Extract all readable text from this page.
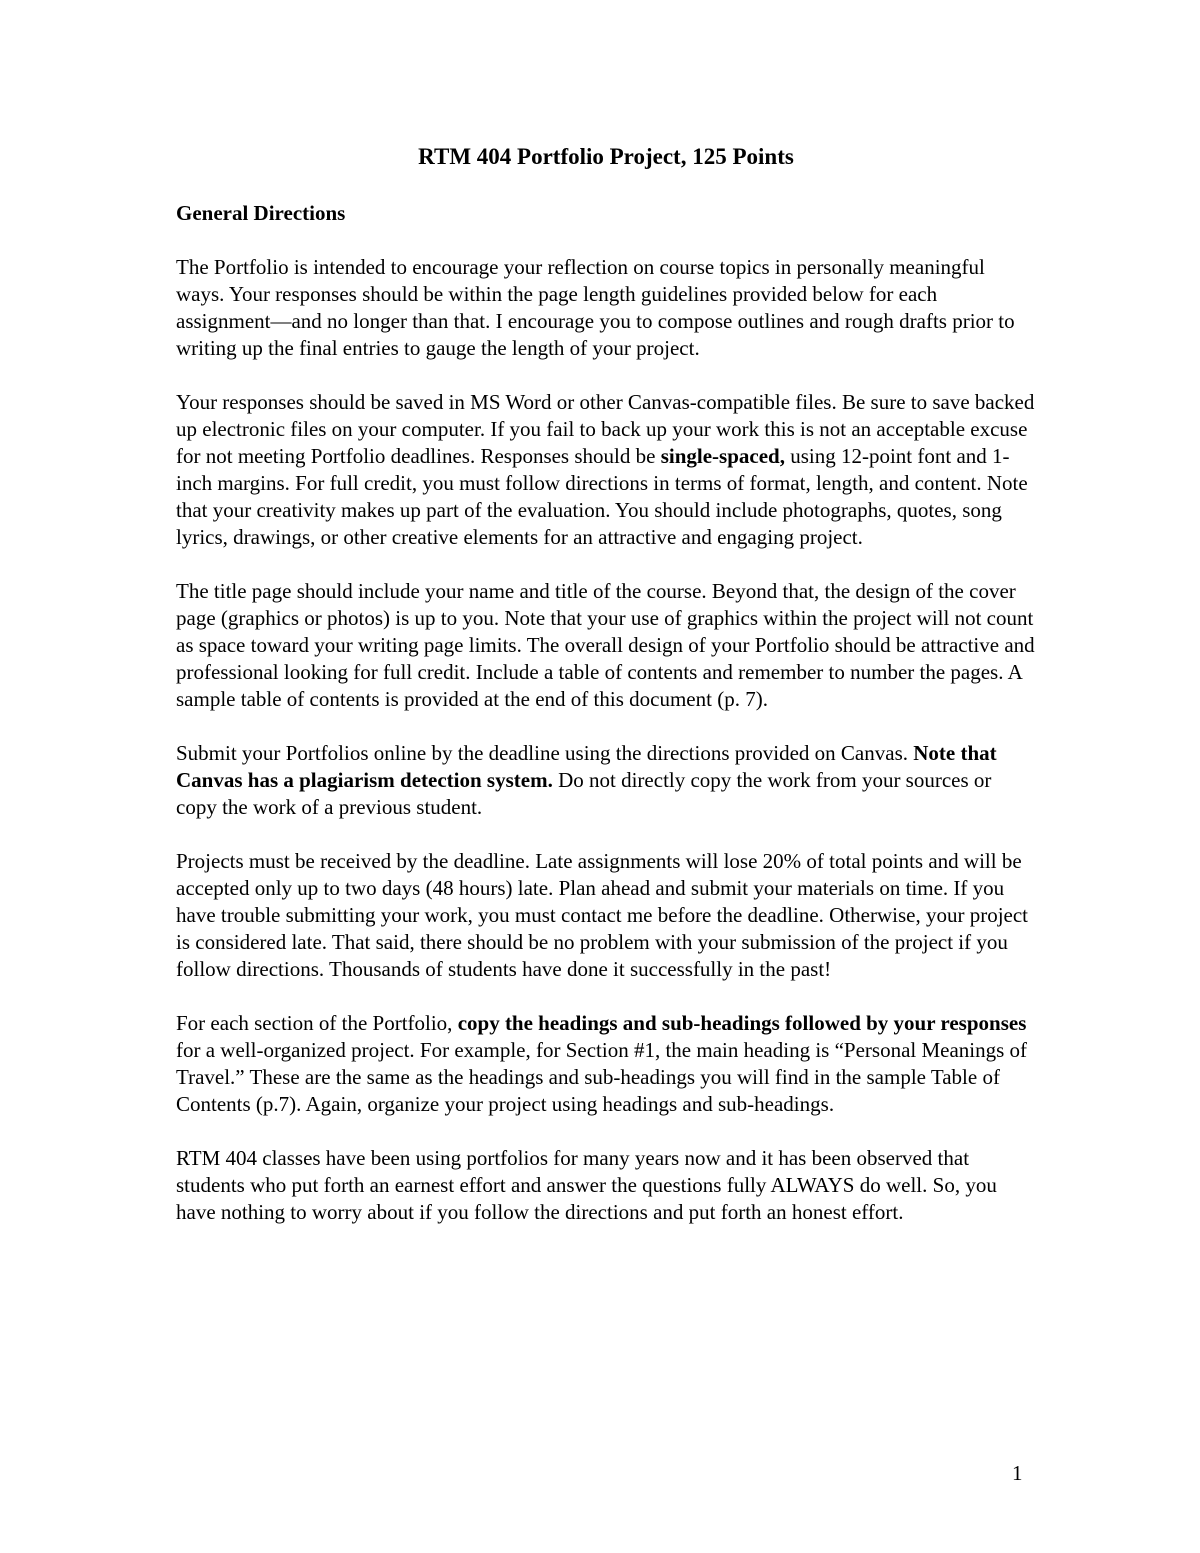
RTM 404 Portfolio Project, 125 Points
General Directions

The Portfolio is intended to encourage your reflection on course topics in personally meaningful ways. Your responses should be within the page length guidelines provided below for each assignment—and no longer than that. I encourage you to compose outlines and rough drafts prior to writing up the final entries to gauge the length of your project.

Your responses should be saved in MS Word or other Canvas-compatible files. Be sure to save backed up electronic files on your computer. If you fail to back up your work this is not an acceptable excuse for not meeting Portfolio deadlines. Responses should be single-spaced, using 12-point font and 1-inch margins. For full credit, you must follow directions in terms of format, length, and content. Note that your creativity makes up part of the evaluation. You should include photographs, quotes, song lyrics, drawings, or other creative elements for an attractive and engaging project.

The title page should include your name and title of the course. Beyond that, the design of the cover page (graphics or photos) is up to you. Note that your use of graphics within the project will not count as space toward your writing page limits. The overall design of your Portfolio should be attractive and professional looking for full credit. Include a table of contents and remember to number the pages. A sample table of contents is provided at the end of this document (p. 7).

Submit your Portfolios online by the deadline using the directions provided on Canvas. Note that Canvas has a plagiarism detection system. Do not directly copy the work from your sources or copy the work of a previous student.

Projects must be received by the deadline. Late assignments will lose 20% of total points and will be accepted only up to two days (48 hours) late. Plan ahead and submit your materials on time. If you have trouble submitting your work, you must contact me before the deadline. Otherwise, your project is considered late. That said, there should be no problem with your submission of the project if you follow directions. Thousands of students have done it successfully in the past!

For each section of the Portfolio, copy the headings and sub-headings followed by your responses for a well-organized project. For example, for Section #1, the main heading is “Personal Meanings of Travel.” These are the same as the headings and sub-headings you will find in the sample Table of Contents (p.7). Again, organize your project using headings and sub-headings.

RTM 404 classes have been using portfolios for many years now and it has been observed that students who put forth an earnest effort and answer the questions fully ALWAYS do well. So, you have nothing to worry about if you follow the directions and put forth an honest effort.

1
